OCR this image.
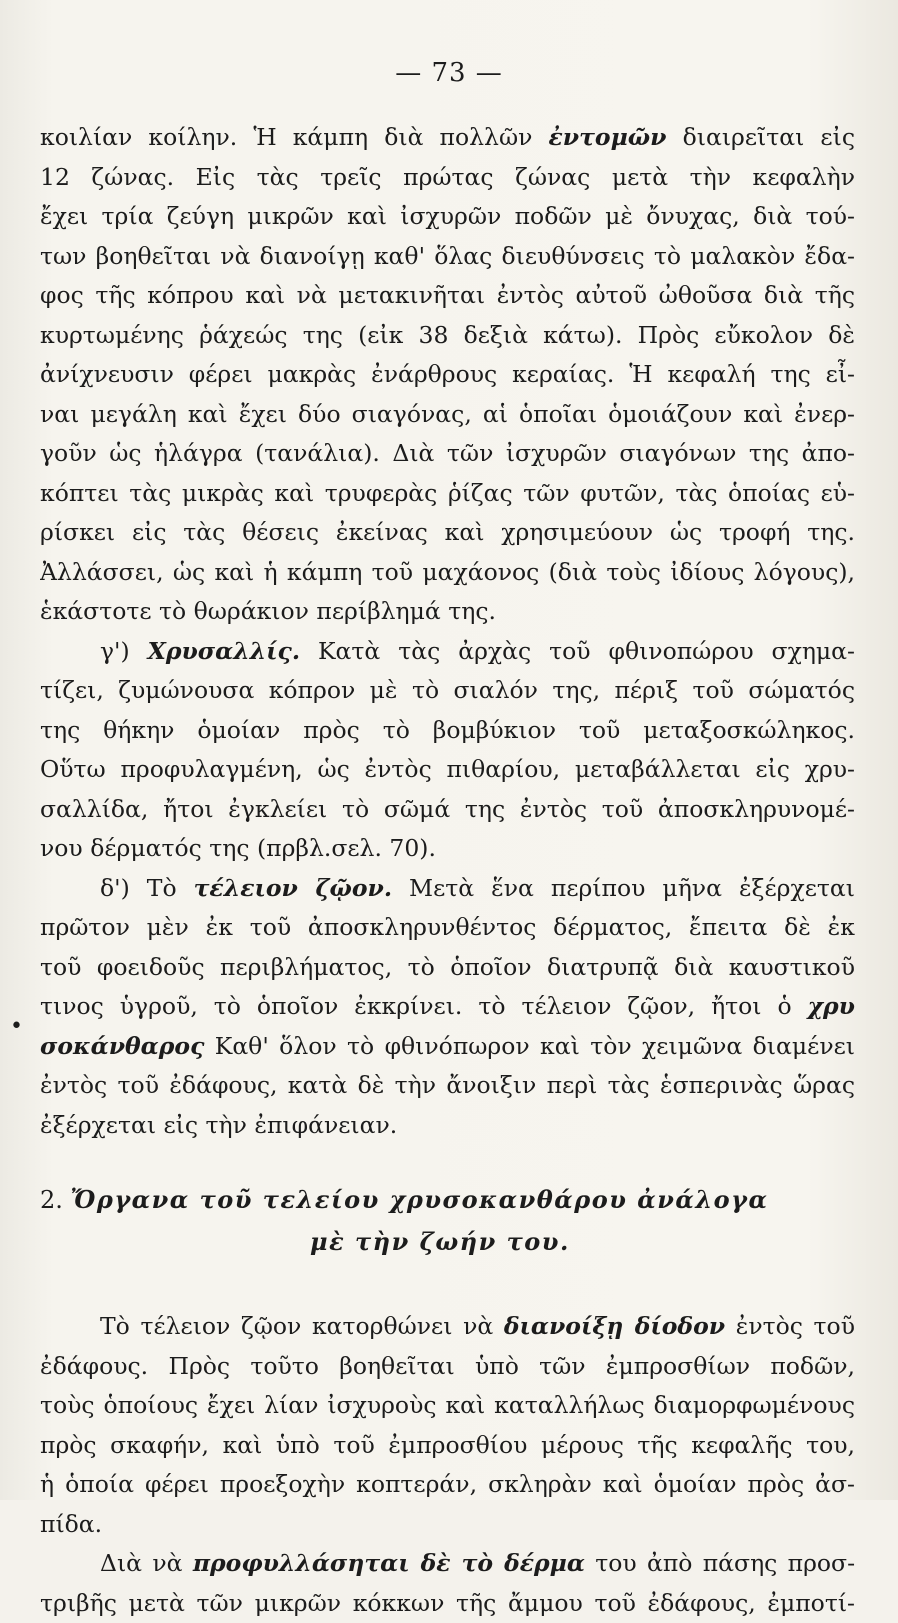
— 73 —
•
κοιλίαν κοίλην. Ἡ κάμπη διὰ πολλῶν ἐντομῶν διαιρεῖται εἰς
12 ζώνας. Εἰς τὰς τρεῖς πρώτας ζώνας μετὰ τὴν κεφαλὴν
ἔχει τρία ζεύγη μικρῶν καὶ ἰσχυρῶν ποδῶν μὲ ὄνυχας, διὰ τού-
των βοηθεῖται νὰ διανοίγῃ καθ' ὅλας διευθύνσεις τὸ μαλακὸν ἔδα-
φος τῆς κόπρου καὶ νὰ μετακινῆται ἐντὸς αὐτοῦ ὠθοῦσα διὰ τῆς
κυρτωμένης ῥάχεώς της (εἰκ 38 δεξιὰ κάτω). Πρὸς εὔκολον δὲ
ἀνίχνευσιν φέρει μακρὰς ἐνάρθρους κεραίας. Ἡ κεφαλή της εἶ-
ναι μεγάλη καὶ ἔχει δύο σιαγόνας, αἱ ὁποῖαι ὁμοιάζουν καὶ ἐνερ-
γοῦν ὡς ἡλάγρα (τανάλια). Διὰ τῶν ἰσχυρῶν σιαγόνων της ἀπο-
κόπτει τὰς μικρὰς καὶ τρυφερὰς ῥίζας τῶν φυτῶν, τὰς ὁποίας εὑ-
ρίσκει εἰς τὰς θέσεις ἐκείνας καὶ χρησιμεύουν ὡς τροφή της.
Ἀλλάσσει, ὡς καὶ ἡ κάμπη τοῦ μαχάονος (διὰ τοὺς ἰδίους λόγους),
ἑκάστοτε τὸ θωράκιον περίβλημά της.
γ') Χρυσαλλίς. Κατὰ τὰς ἀρχὰς τοῦ φθινοπώρου σχημα-
τίζει, ζυμώνουσα κόπρον μὲ τὸ σιαλόν της, πέριξ τοῦ σώματός
της θήκην ὁμοίαν πρὸς τὸ βομβύκιον τοῦ μεταξοσκώληκος.
Οὕτω προφυλαγμένη, ὡς ἐντὸς πιθαρίου, μεταβάλλεται εἰς χρυ-
σαλλίδα, ἤτοι ἐγκλείει τὸ σῶμά της ἐντὸς τοῦ ἀποσκληρυνομέ-
νου δέρματός της (πρβλ.σελ. 70).
δ') Τὸ τέλειον ζῷον. Μετὰ ἕνα περίπου μῆνα ἐξέρχεται
πρῶτον μὲν ἐκ τοῦ ἀποσκληρυνθέντος δέρματος, ἔπειτα δὲ ἐκ
τοῦ φοειδοῦς περιβλήματος, τὸ ὁποῖον διατρυπᾷ διὰ καυστικοῦ
τινος ὑγροῦ, τὸ ὁποῖον ἐκκρίνει. τὸ τέλειον ζῷον, ἤτοι ὁ χρυ
σοκάνθαρος Καθ' ὅλον τὸ φθινόπωρον καὶ τὸν χειμῶνα διαμένει
ἐντὸς τοῦ ἐδάφους, κατὰ δὲ τὴν ἄνοιξιν περὶ τὰς ἑσπερινὰς ὥρας
ἐξέρχεται εἰς τὴν ἐπιφάνειαν.
2. Ὄργανα τοῦ τελείου χρυσοκανθάρου ἀνάλογα
μὲ τὴν ζωήν του.
Τὸ τέλειον ζῷον κατορθώνει νὰ διανοίξῃ δίοδον ἐντὸς τοῦ
ἐδάφους. Πρὸς τοῦτο βοηθεῖται ὑπὸ τῶν ἐμπροσθίων ποδῶν,
τοὺς ὁποίους ἔχει λίαν ἰσχυροὺς καὶ καταλλήλως διαμορφωμένους
πρὸς σκαφήν, καὶ ὑπὸ τοῦ ἐμπροσθίου μέρους τῆς κεφαλῆς του,
ἡ ὁποία φέρει προεξοχὴν κοπτεράν, σκληρὰν καὶ ὁμοίαν πρὸς ἀσ-
πίδα.
Διὰ νὰ προφυλλάσηται δὲ τὸ δέρμα του ἀπὸ πάσης προσ-
τριβῆς μετὰ τῶν μικρῶν κόκκων τῆς ἄμμου τοῦ ἐδάφους, ἐμποτί-
